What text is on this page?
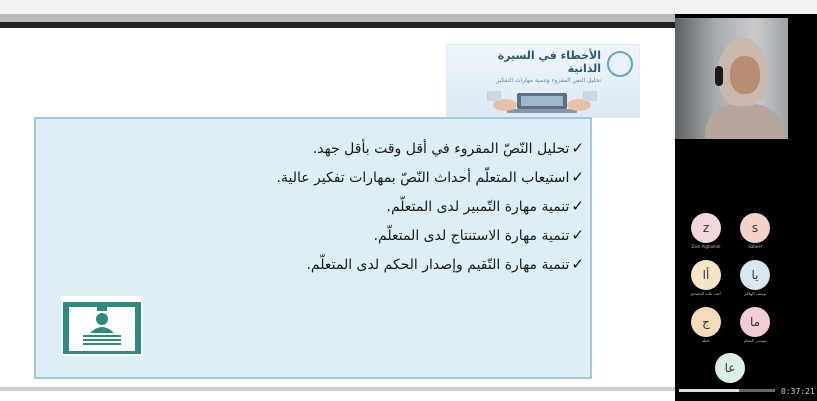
الأخطاء في السيرة الذاتية
تحليل النص المقروء وتنمية مهارات التفكير
✓تحليل النّصّ المقروء في أقل وقت بأقل جهد.
✓استيعاب المتعلّم أحداث النّصّ بمهارات تفكير عالية.
✓تنمية مهارة التّمبير لدى المتعلّم.
✓تنمية مهارة الاستنتاج لدى المتعلّم.
✓تنمية مهارة التّقيم وإصدار الحكم لدى المتعلّم.
z
Zain Alghamdi
s
Sabeel
أا
أحمد عابد الحميدي
يا
يوسف الهلالي
ج
جليلة
ما
موسى المعلم
عا
0:37:21
